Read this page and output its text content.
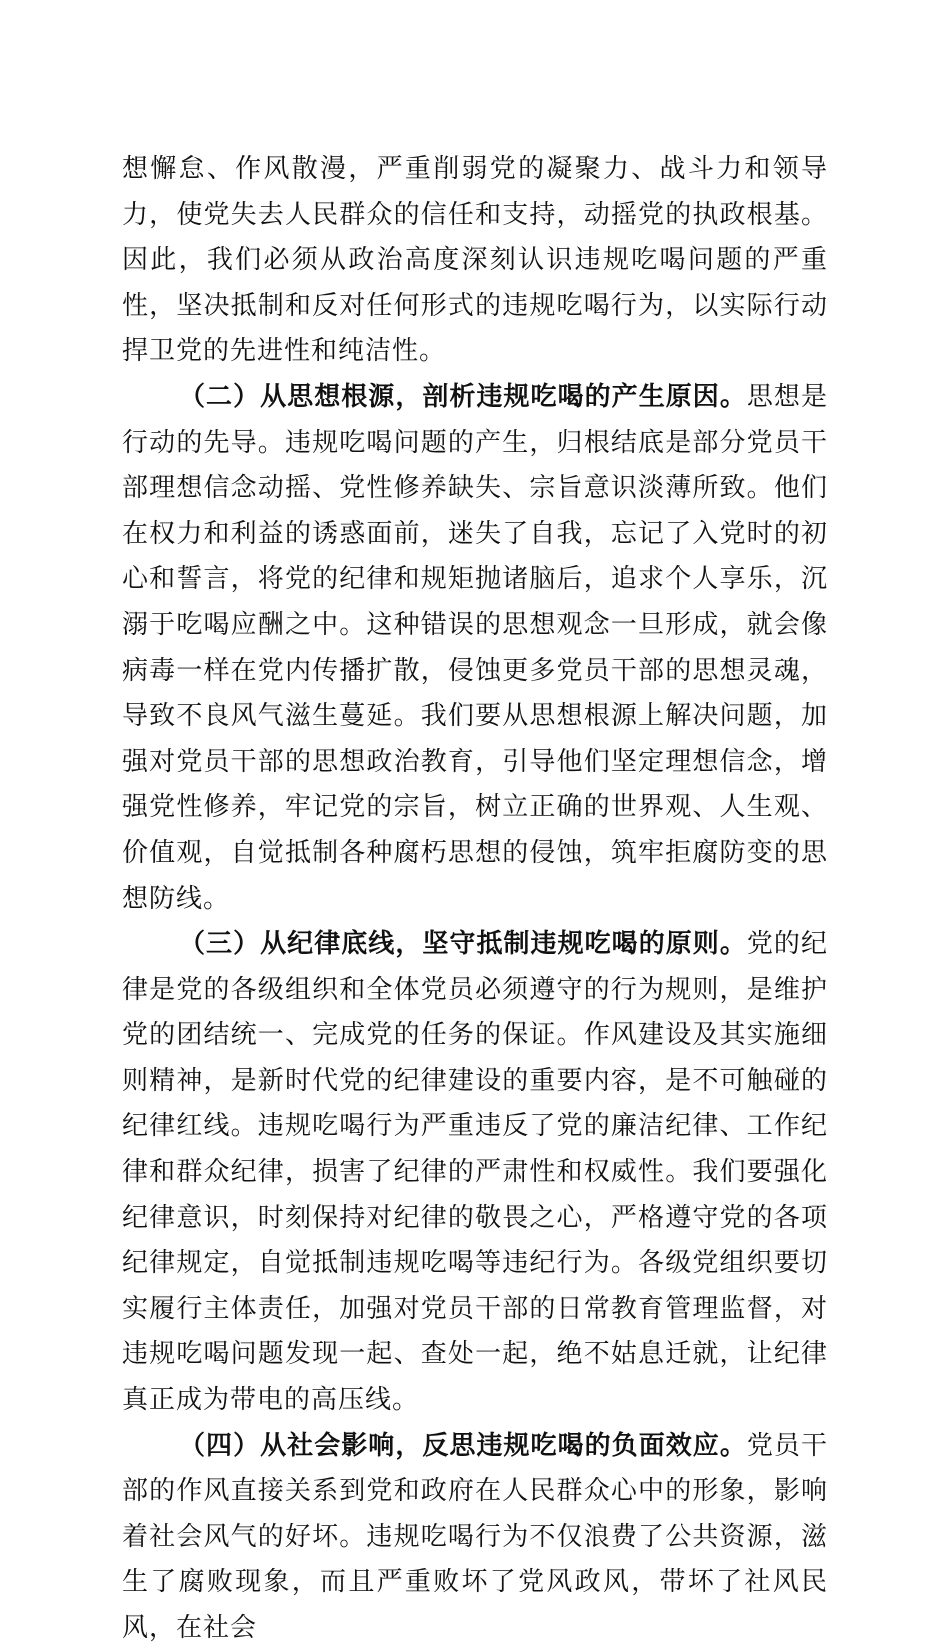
想懈怠、作风散漫，严重削弱党的凝聚力、战斗力和领导力，使党失去人民群众的信任和支持，动摇党的执政根基。因此，我们必须从政治高度深刻认识违规吃喝问题的严重性，坚决抵制和反对任何形式的违规吃喝行为，以实际行动捍卫党的先进性和纯洁性。

（二）从思想根源，剖析违规吃喝的产生原因。思想是行动的先导。违规吃喝问题的产生，归根结底是部分党员干部理想信念动摇、党性修养缺失、宗旨意识淡薄所致。他们在权力和利益的诱惑面前，迷失了自我，忘记了入党时的初心和誓言，将党的纪律和规矩抛诸脑后，追求个人享乐，沉溺于吃喝应酬之中。这种错误的思想观念一旦形成，就会像病毒一样在党内传播扩散，侵蚀更多党员干部的思想灵魂，导致不良风气滋生蔓延。我们要从思想根源上解决问题，加强对党员干部的思想政治教育，引导他们坚定理想信念，增强党性修养，牢记党的宗旨，树立正确的世界观、人生观、价值观，自觉抵制各种腐朽思想的侵蚀，筑牢拒腐防变的思想防线。

（三）从纪律底线，坚守抵制违规吃喝的原则。党的纪律是党的各级组织和全体党员必须遵守的行为规则，是维护党的团结统一、完成党的任务的保证。作风建设及其实施细则精神，是新时代党的纪律建设的重要内容，是不可触碰的纪律红线。违规吃喝行为严重违反了党的廉洁纪律、工作纪律和群众纪律，损害了纪律的严肃性和权威性。我们要强化纪律意识，时刻保持对纪律的敬畏之心，严格遵守党的各项纪律规定，自觉抵制违规吃喝等违纪行为。各级党组织要切实履行主体责任，加强对党员干部的日常教育管理监督，对违规吃喝问题发现一起、查处一起，绝不姑息迁就，让纪律真正成为带电的高压线。

（四）从社会影响，反思违规吃喝的负面效应。党员干部的作风直接关系到党和政府在人民群众心中的形象，影响着社会风气的好坏。违规吃喝行为不仅浪费了公共资源，滋生了腐败现象，而且严重败坏了党风政风，带坏了社风民风，在社会
